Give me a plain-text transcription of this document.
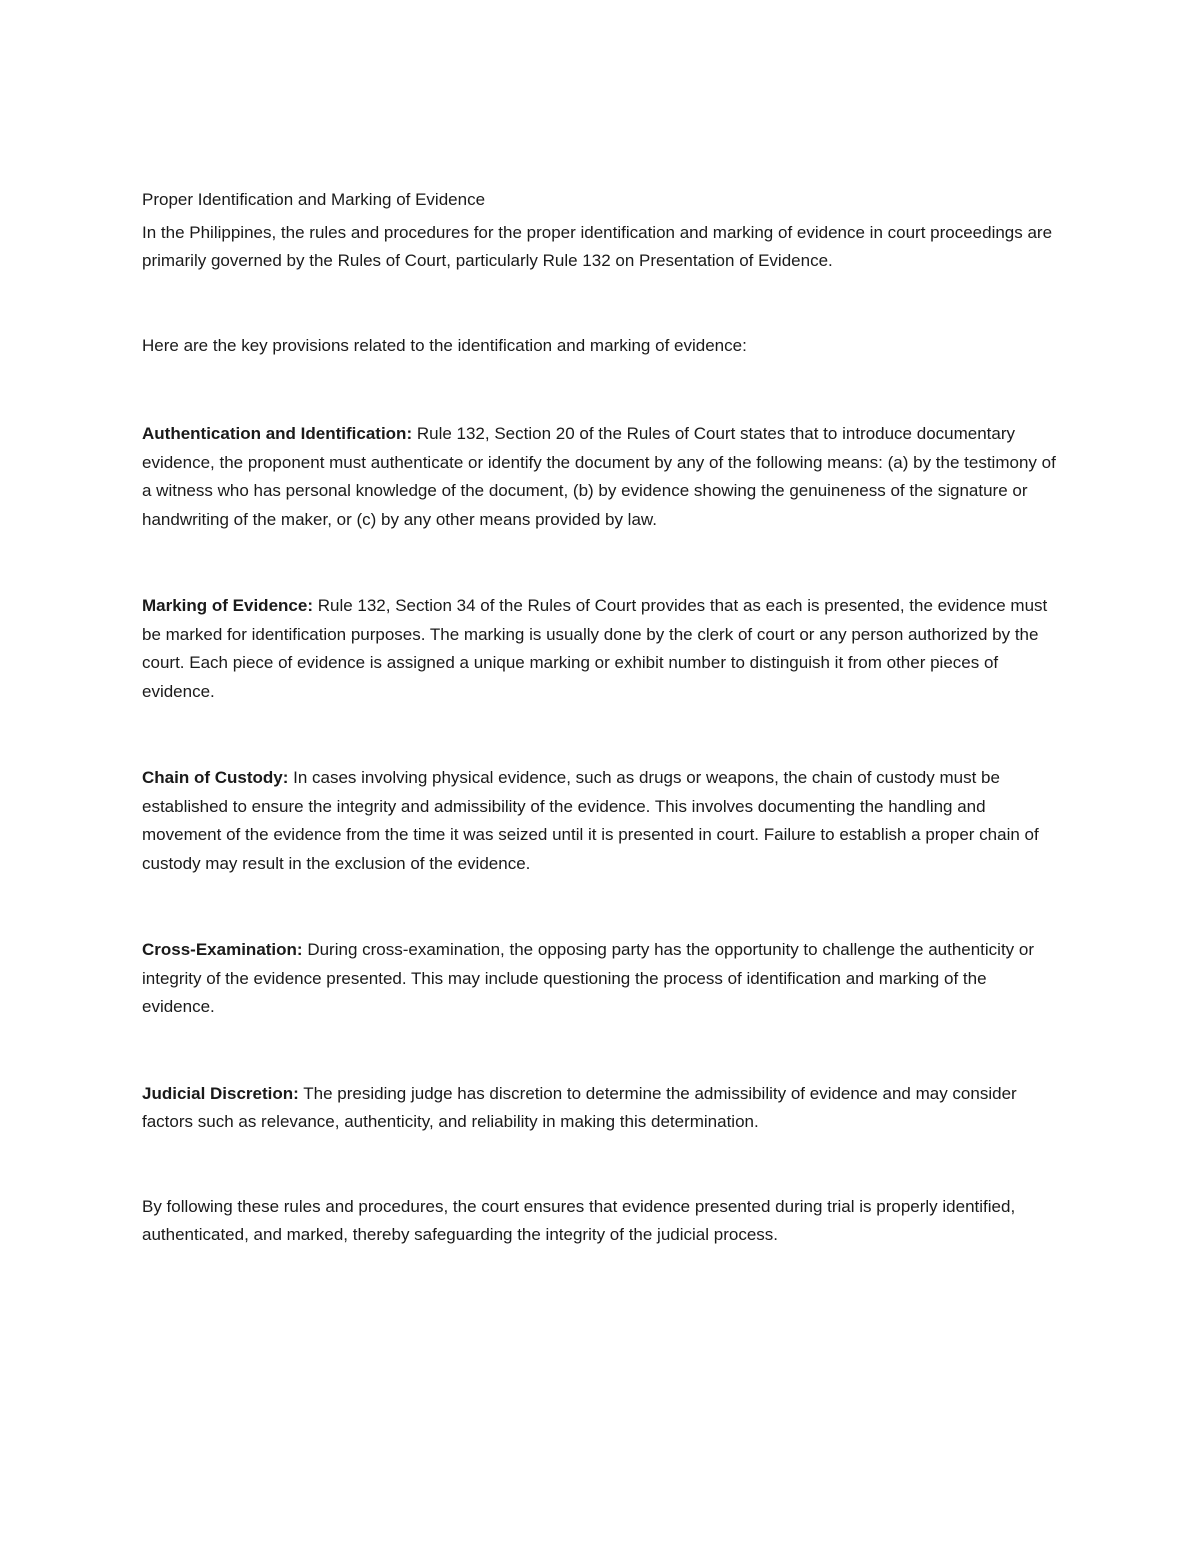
Proper Identification and Marking of Evidence

In the Philippines, the rules and procedures for the proper identification and marking of evidence in court proceedings are primarily governed by the Rules of Court, particularly Rule 132 on Presentation of Evidence.

Here are the key provisions related to the identification and marking of evidence:

Authentication and Identification: Rule 132, Section 20 of the Rules of Court states that to introduce documentary evidence, the proponent must authenticate or identify the document by any of the following means: (a) by the testimony of a witness who has personal knowledge of the document, (b) by evidence showing the genuineness of the signature or handwriting of the maker, or (c) by any other means provided by law.

Marking of Evidence: Rule 132, Section 34 of the Rules of Court provides that as each is presented, the evidence must be marked for identification purposes. The marking is usually done by the clerk of court or any person authorized by the court. Each piece of evidence is assigned a unique marking or exhibit number to distinguish it from other pieces of evidence.

Chain of Custody: In cases involving physical evidence, such as drugs or weapons, the chain of custody must be established to ensure the integrity and admissibility of the evidence. This involves documenting the handling and movement of the evidence from the time it was seized until it is presented in court. Failure to establish a proper chain of custody may result in the exclusion of the evidence.

Cross-Examination: During cross-examination, the opposing party has the opportunity to challenge the authenticity or integrity of the evidence presented. This may include questioning the process of identification and marking of the evidence.

Judicial Discretion: The presiding judge has discretion to determine the admissibility of evidence and may consider factors such as relevance, authenticity, and reliability in making this determination.

By following these rules and procedures, the court ensures that evidence presented during trial is properly identified, authenticated, and marked, thereby safeguarding the integrity of the judicial process.
